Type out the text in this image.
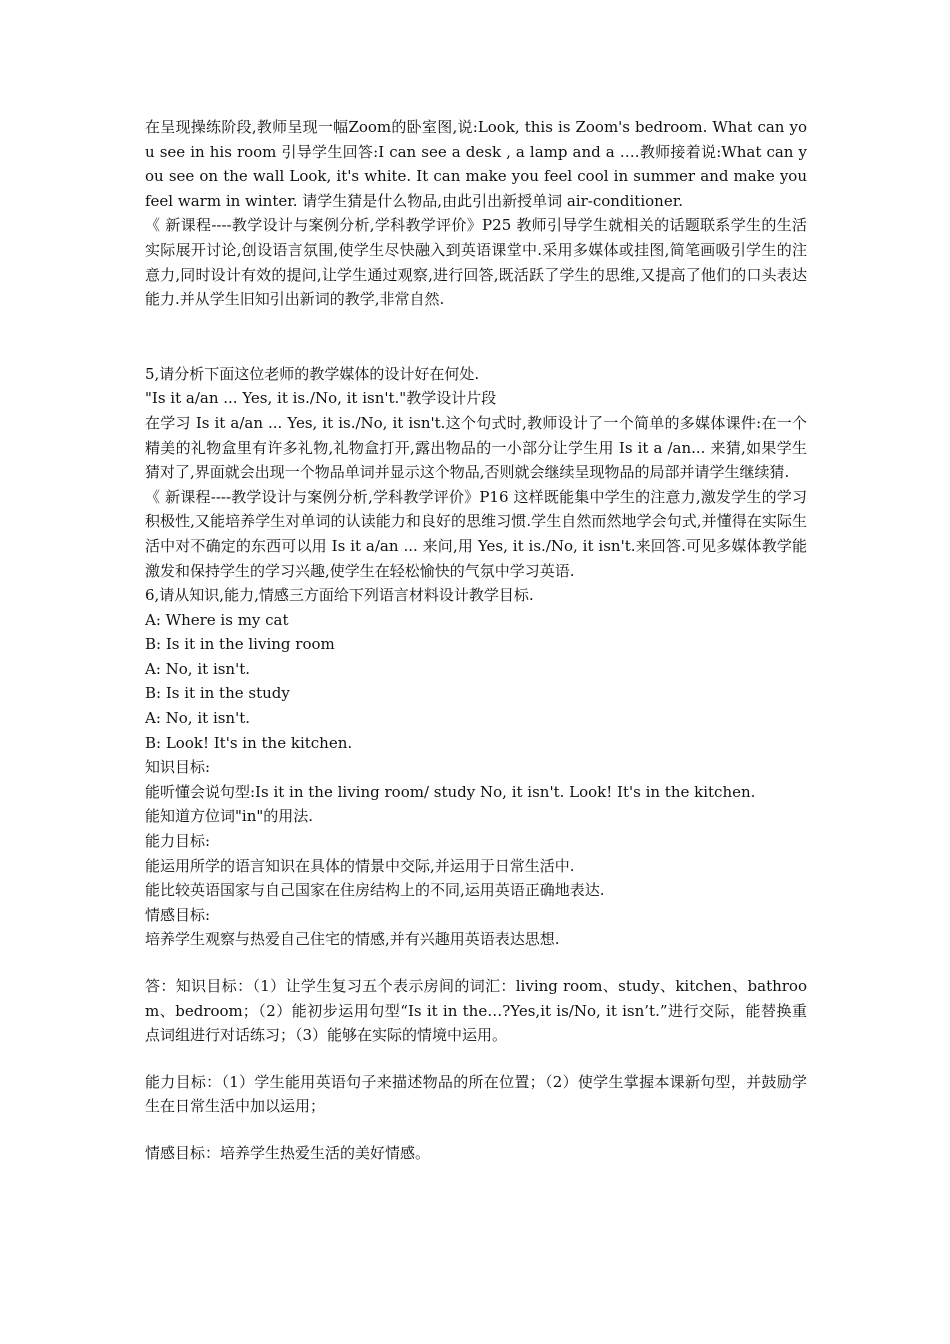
在呈现操练阶段,教师呈现一幅Zoom的卧室图,说:Look, this is Zoom's bedroom. What can you see in his room 引导学生回答:I can see a desk , a lamp and a ….教师接着说:What can you see on the wall Look, it's white. It can make you feel cool in summer and make you feel warm in winter. 请学生猜是什么物品,由此引出新授单词 air-conditioner.

《 新课程----教学设计与案例分析,学科教学评价》P25 教师引导学生就相关的话题联系学生的生活实际展开讨论,创设语言氛围,使学生尽快融入到英语课堂中.采用多媒体或挂图,简笔画吸引学生的注意力,同时设计有效的提问,让学生通过观察,进行回答,既活跃了学生的思维,又提高了他们的口头表达能力.并从学生旧知引出新词的教学,非常自然.

5,请分析下面这位老师的教学媒体的设计好在何处.

"Is it a/an ... Yes, it is./No, it isn't."教学设计片段

在学习 Is it a/an ... Yes, it is./No, it isn't.这个句式时,教师设计了一个简单的多媒体课件:在一个精美的礼物盒里有许多礼物,礼物盒打开,露出物品的一小部分让学生用 Is it a /an... 来猜,如果学生猜对了,界面就会出现一个物品单词并显示这个物品,否则就会继续呈现物品的局部并请学生继续猜.

《 新课程----教学设计与案例分析,学科教学评价》P16 这样既能集中学生的注意力,激发学生的学习积极性,又能培养学生对单词的认读能力和良好的思维习惯.学生自然而然地学会句式,并懂得在实际生活中对不确定的东西可以用 Is it a/an ... 来问,用 Yes, it is./No, it isn't.来回答.可见多媒体教学能激发和保持学生的学习兴趣,使学生在轻松愉快的气氛中学习英语.

6,请从知识,能力,情感三方面给下列语言材料设计教学目标.

A: Where is my cat

B: Is it in the living room

A: No, it isn't.

B: Is it in the study

A: No, it isn't.

B: Look! It's in the kitchen.

知识目标:

能听懂会说句型:Is it in the living room/ study No, it isn't. Look! It's in the kitchen.

能知道方位词"in"的用法.

能力目标:

能运用所学的语言知识在具体的情景中交际,并运用于日常生活中.

能比较英语国家与自己国家在住房结构上的不同,运用英语正确地表达.

情感目标:

培养学生观察与热爱自己住宅的情感,并有兴趣用英语表达思想.

答：知识目标：（1）让学生复习五个表示房间的词汇：living room、study、kitchen、bathroom、bedroom；（2）能初步运用句型“Is it in the…?Yes,it is/No, it isn’t.”进行交际，能替换重点词组进行对话练习；（3）能够在实际的情境中运用。

能力目标：（1）学生能用英语句子来描述物品的所在位置；（2）使学生掌握本课新句型，并鼓励学生在日常生活中加以运用；

情感目标：培养学生热爱生活的美好情感。
